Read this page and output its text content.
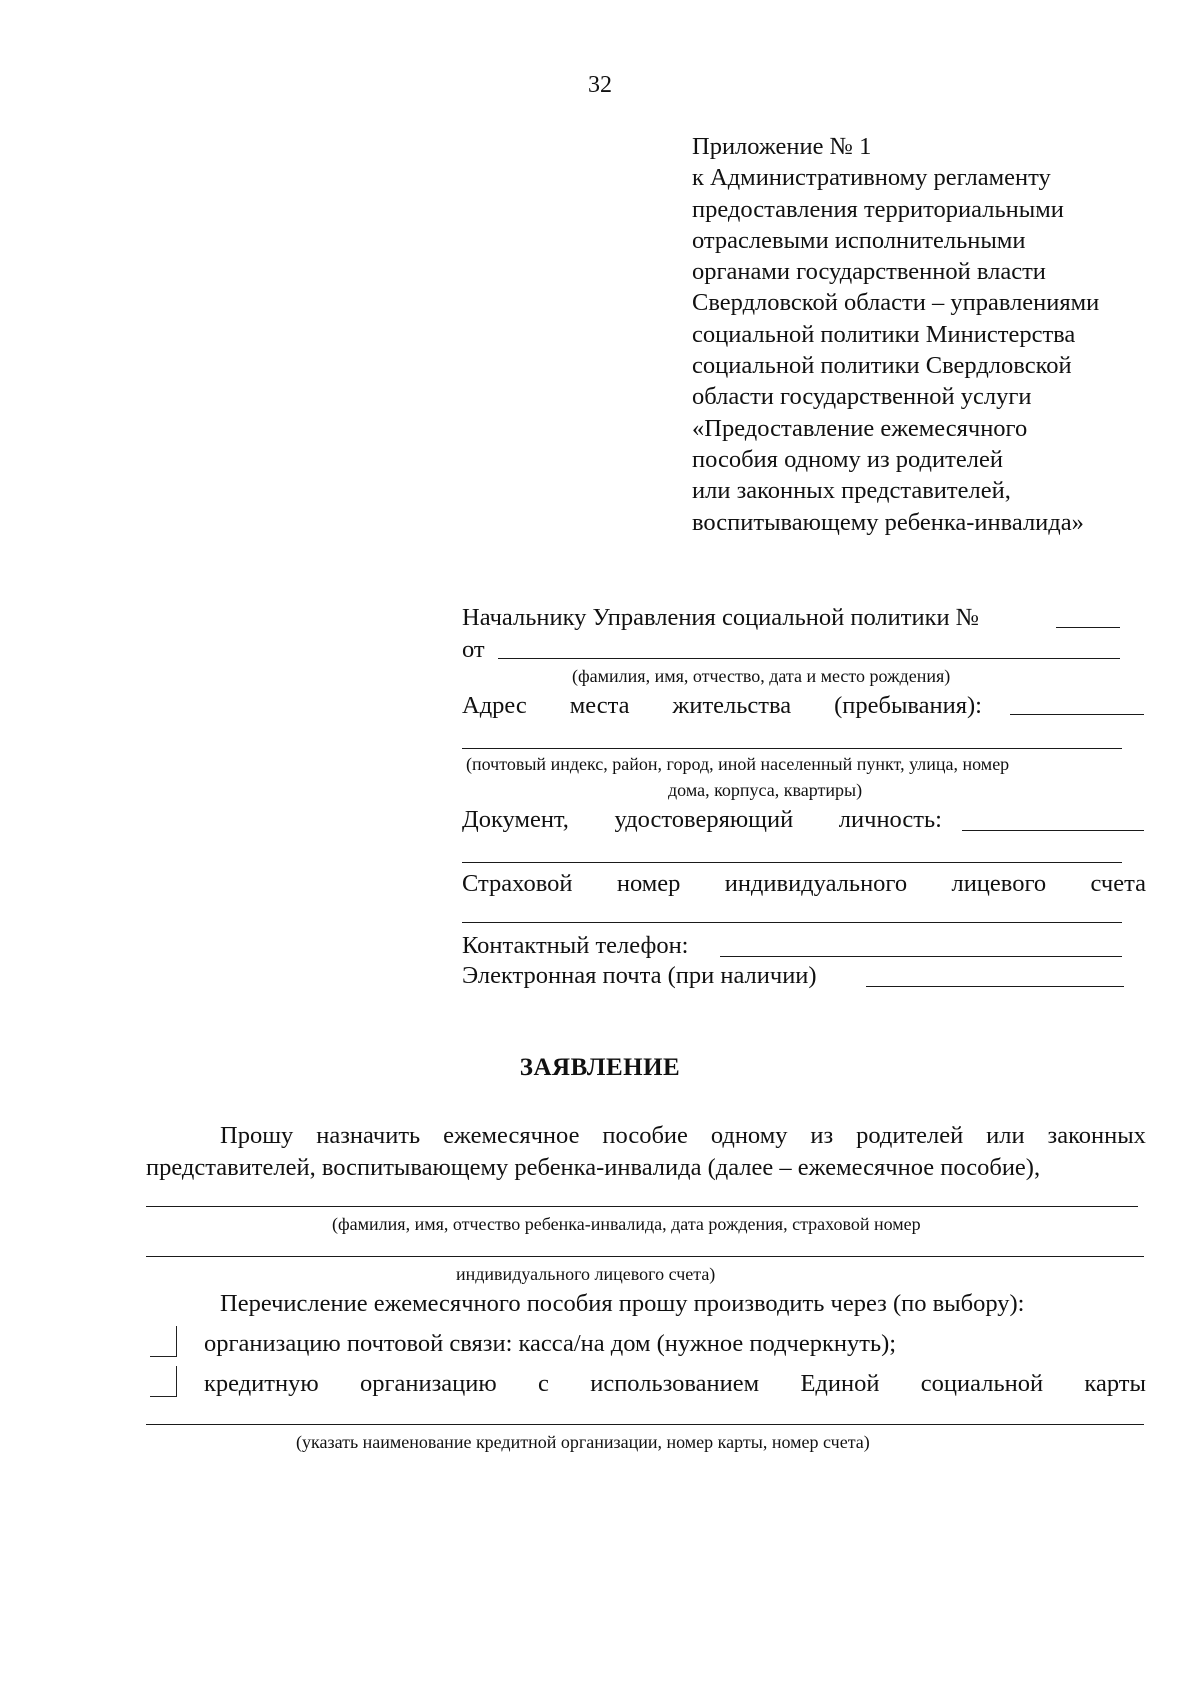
32
Приложение № 1
к Административному регламенту
предоставления территориальными
отраслевыми исполнительными
органами государственной власти
Свердловской области – управлениями
социальной политики Министерства
социальной политики Свердловской
области государственной услуги
«Предоставление ежемесячного
пособия одному из родителей
или законных представителей,
воспитывающему ребенка-инвалида»
Начальнику Управления социальной политики №
от
(фамилия, имя, отчество, дата и место рождения)
Адрес места жительства (пребывания):
(почтовый индекс, район, город, иной населенный пункт, улица, номер
дома, корпуса, квартиры)
Документ, удостоверяющий личность:
Страховой номер индивидуального лицевого счета
Контактный телефон:
Электронная почта (при наличии)
ЗАЯВЛЕНИЕ
Прошу назначить ежемесячное пособие одному из родителей или законных
представителей, воспитывающему ребенка-инвалида (далее – ежемесячное пособие),
(фамилия, имя, отчество ребенка-инвалида, дата рождения, страховой номер
индивидуального лицевого счета)
Перечисление ежемесячного пособия прошу производить через (по выбору):
организацию почтовой связи: касса/на дом (нужное подчеркнуть);
кредитную организацию с использованием Единой социальной карты
(указать наименование кредитной организации, номер карты, номер счета)
